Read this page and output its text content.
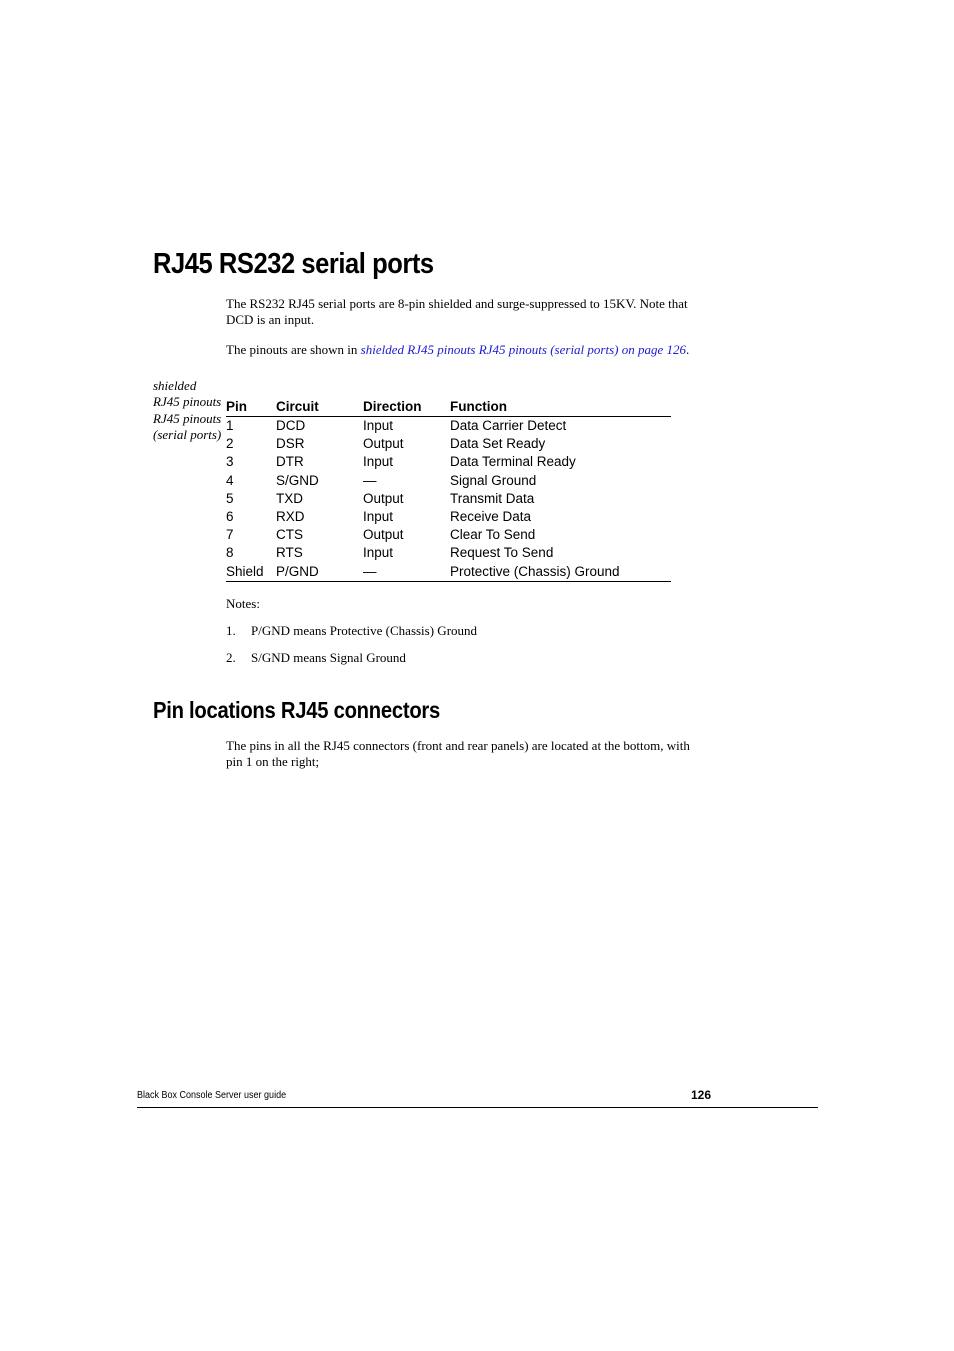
RJ45 RS232 serial ports

The RS232 RJ45 serial ports are 8-pin shielded and surge-suppressed to 15KV. Note that DCD is an input.

The pinouts are shown in shielded RJ45 pinouts RJ45 pinouts (serial ports) on page 126.

shielded
RJ45 pinouts
RJ45 pinouts
(serial ports)
Pin	Circuit	Direction	Function
1	DCD	Input	Data Carrier Detect
2	DSR	Output	Data Set Ready
3	DTR	Input	Data Terminal Ready
4	S/GND	—	Signal Ground
5	TXD	Output	Transmit Data
6	RXD	Input	Receive Data
7	CTS	Output	Clear To Send
8	RTS	Input	Request To Send
Shield	P/GND	—	Protective (Chassis) Ground
Notes:
1. P/GND means Protective (Chassis) Ground
2. S/GND means Signal Ground
Pin locations RJ45 connectors

The pins in all the RJ45 connectors (front and rear panels) are located at the bottom, with pin 1 on the right;

Black Box Console Server user guide	126
